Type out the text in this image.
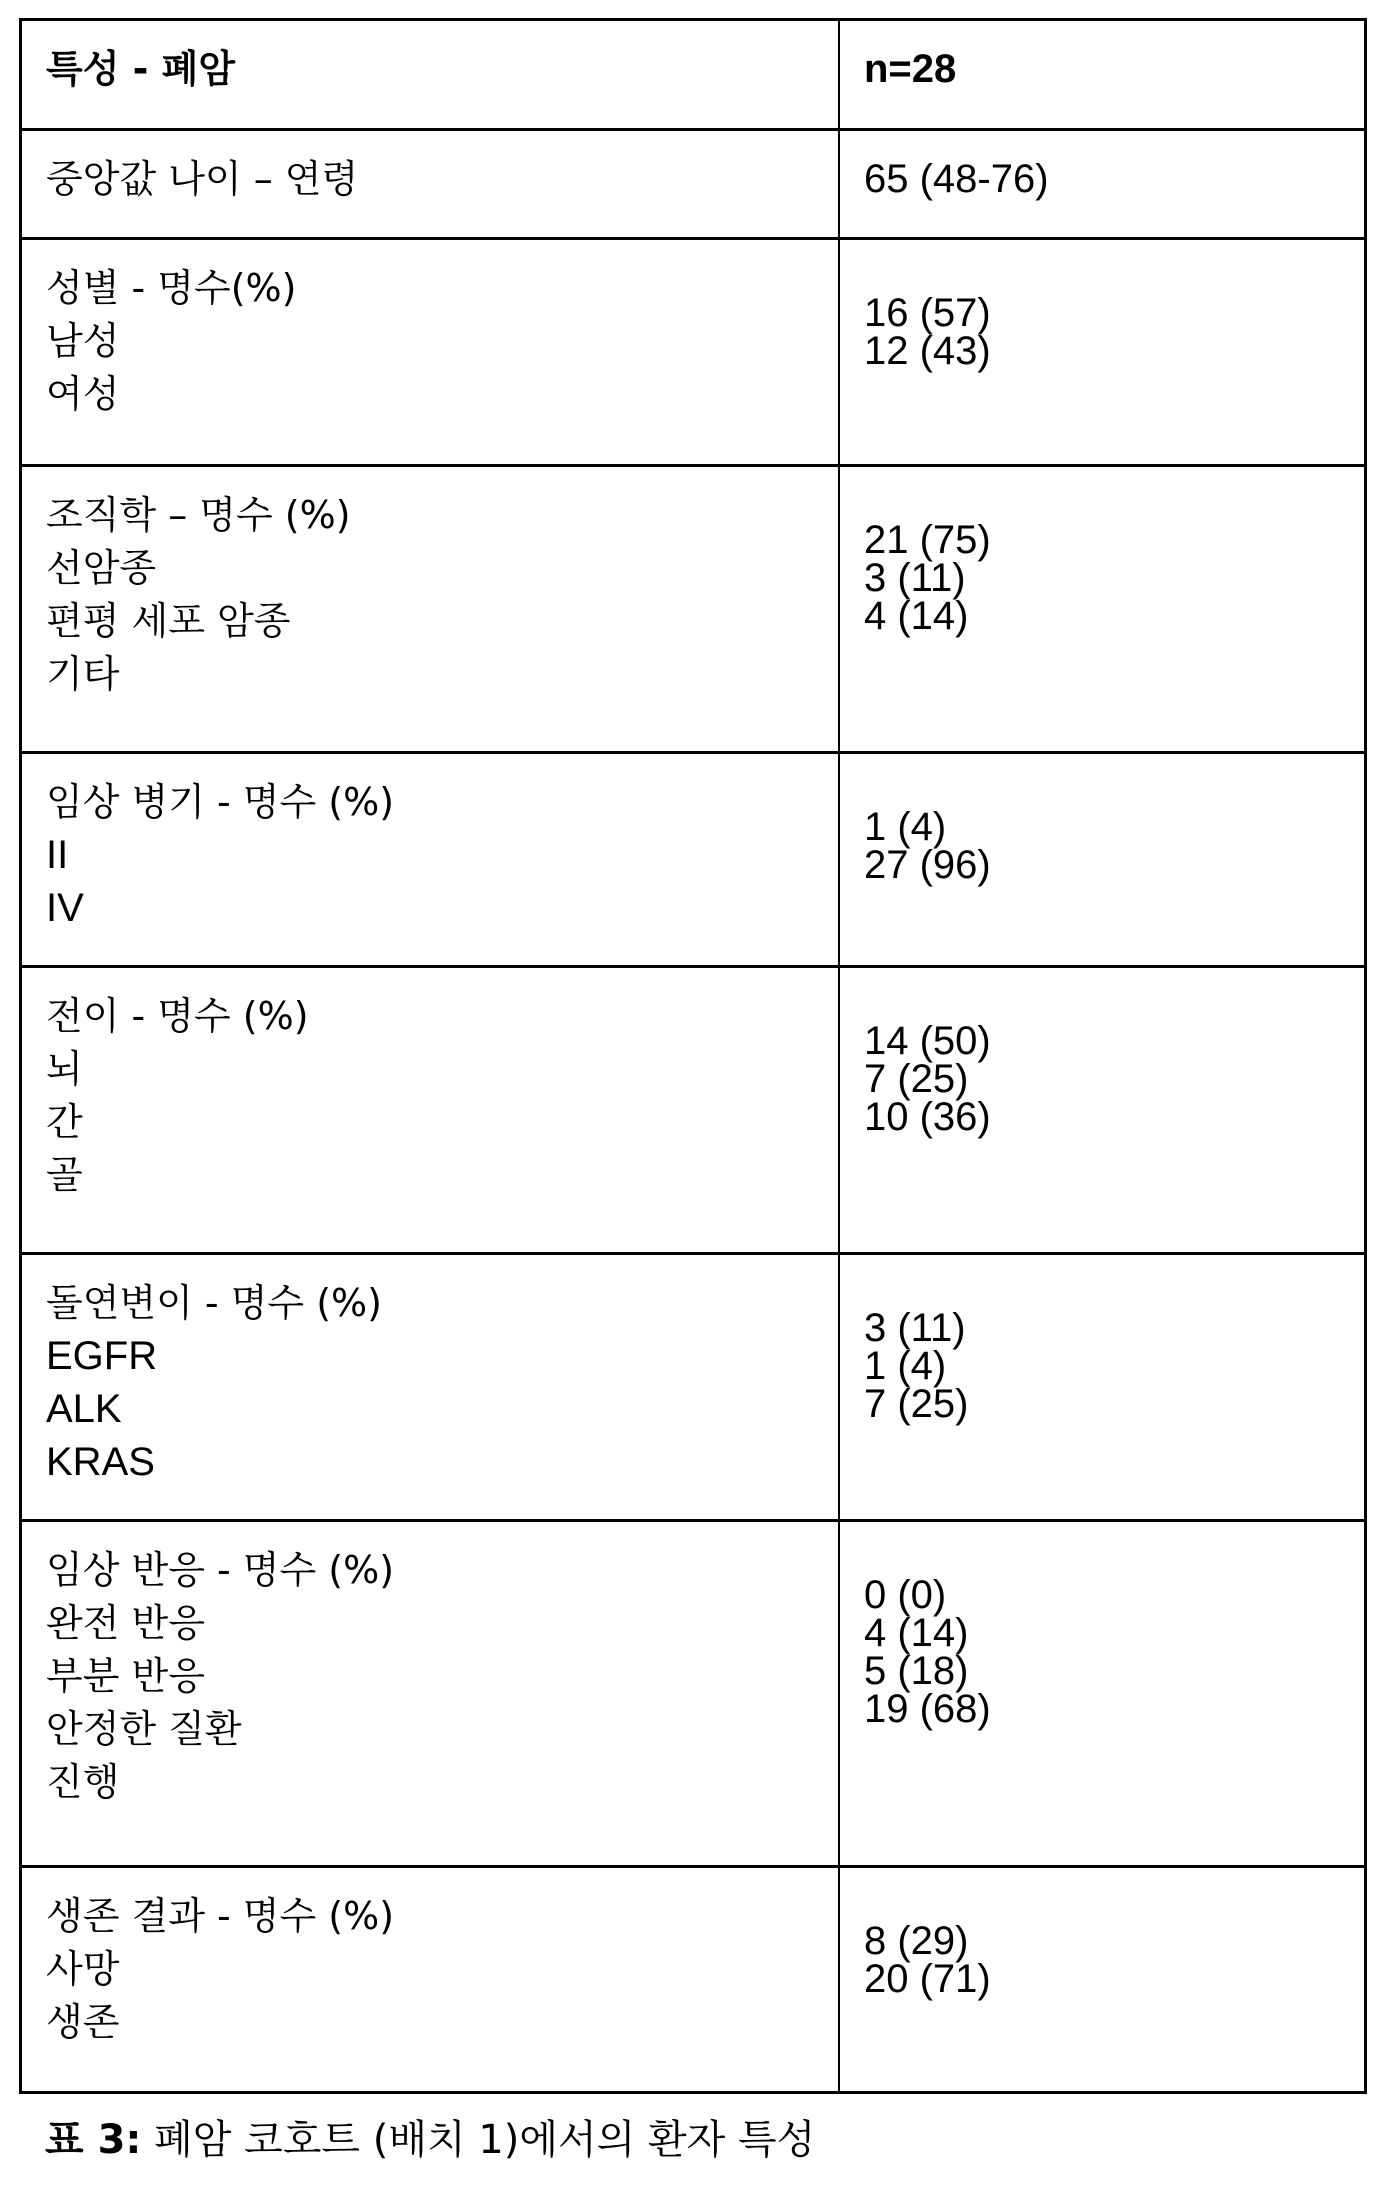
특성 - 폐암	n=28
중앙값 나이 – 연령	65 (48-76)
성별 - 명수(%)
남성
여성
16 (57)
12 (43)
조직학 – 명수 (%)
선암종
편평 세포 암종
기타
21 (75)
3 (11)
4 (14)
임상 병기 - 명수 (%)
II
IV
1 (4)
27 (96)
전이 - 명수 (%)
뇌
간
골
14 (50)
7 (25)
10 (36)
돌연변이 - 명수 (%)
EGFR
ALK
KRAS
3 (11)
1 (4)
7 (25)
임상 반응 - 명수 (%)
완전 반응
부분 반응
안정한 질환
진행
0 (0)
4 (14)
5 (18)
19 (68)
생존 결과 - 명수 (%)
사망
생존
8 (29)
20 (71)
표 3: 폐암 코호트 (배치 1)에서의 환자 특성
